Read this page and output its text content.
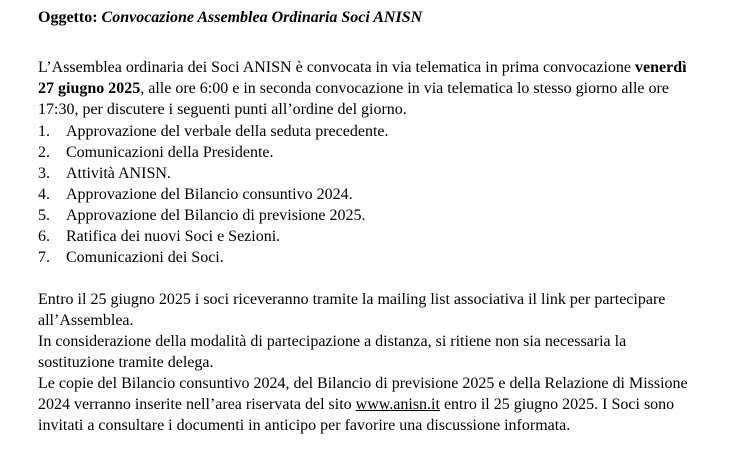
Oggetto: Convocazione Assemblea Ordinaria Soci ANISN
L’Assemblea ordinaria dei Soci ANISN è convocata in via telematica in prima convocazione venerdì 27 giugno 2025, alle ore 6:00 e in seconda convocazione in via telematica lo stesso giorno alle ore 17:30, per discutere i seguenti punti all’ordine del giorno.
1. Approvazione del verbale della seduta precedente.
2. Comunicazioni della Presidente.
3. Attività ANISN.
4. Approvazione del Bilancio consuntivo 2024.
5. Approvazione del Bilancio di previsione 2025.
6. Ratifica dei nuovi Soci e Sezioni.
7. Comunicazioni dei Soci.

Entro il 25 giugno 2025 i soci riceveranno tramite la mailing list associativa il link per partecipare all’Assemblea.

In considerazione della modalità di partecipazione a distanza, si ritiene non sia necessaria la sostituzione tramite delega.

Le copie del Bilancio consuntivo 2024, del Bilancio di previsione 2025 e della Relazione di Missione 2024 verranno inserite nell’area riservata del sito www.anisn.it entro il 25 giugno 2025. I Soci sono invitati a consultare i documenti in anticipo per favorire una discussione informata.
